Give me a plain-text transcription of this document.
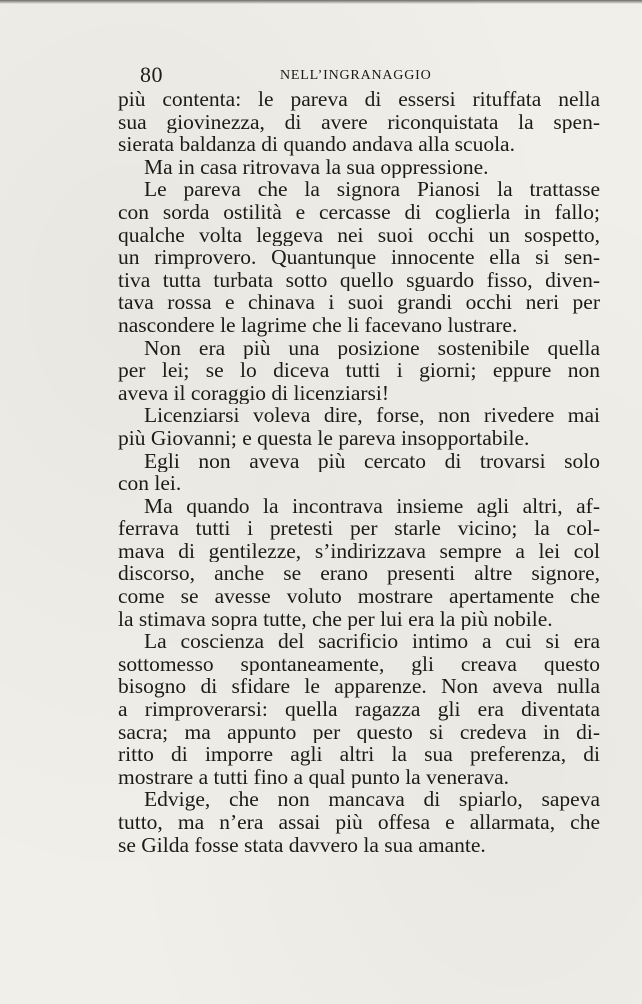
80	NELL’INGRANAGGIO
più contenta: le pareva di essersi rituffata nella
sua giovinezza, di avere riconquistata la spen-
sierata baldanza di quando andava alla scuola.
Ma in casa ritrovava la sua oppressione.
Le pareva che la signora Pianosi la trattasse
con sorda ostilità e cercasse di coglierla in fallo;
qualche volta leggeva nei suoi occhi un sospetto,
un rimprovero. Quantunque innocente ella si sen-
tiva tutta turbata sotto quello sguardo fisso, diven-
tava rossa e chinava i suoi grandi occhi neri per
nascondere le lagrime che li facevano lustrare.
Non era più una posizione sostenibile quella
per lei; se lo diceva tutti i giorni; eppure non
aveva il coraggio di licenziarsi!
Licenziarsi voleva dire, forse, non rivedere mai
più Giovanni; e questa le pareva insopportabile.
Egli non aveva più cercato di trovarsi solo
con lei.
Ma quando la incontrava insieme agli altri, af-
ferrava tutti i pretesti per starle vicino; la col-
mava di gentilezze, s’indirizzava sempre a lei col
discorso, anche se erano presenti altre signore,
come se avesse voluto mostrare apertamente che
la stimava sopra tutte, che per lui era la più nobile.
La coscienza del sacrificio intimo a cui si era
sottomesso spontaneamente, gli creava questo
bisogno di sfidare le apparenze. Non aveva nulla
a rimproverarsi: quella ragazza gli era diventata
sacra; ma appunto per questo si credeva in di-
ritto di imporre agli altri la sua preferenza, di
mostrare a tutti fino a qual punto la venerava.
Edvige, che non mancava di spiarlo, sapeva
tutto, ma n’era assai più offesa e allarmata, che
se Gilda fosse stata davvero la sua amante.
